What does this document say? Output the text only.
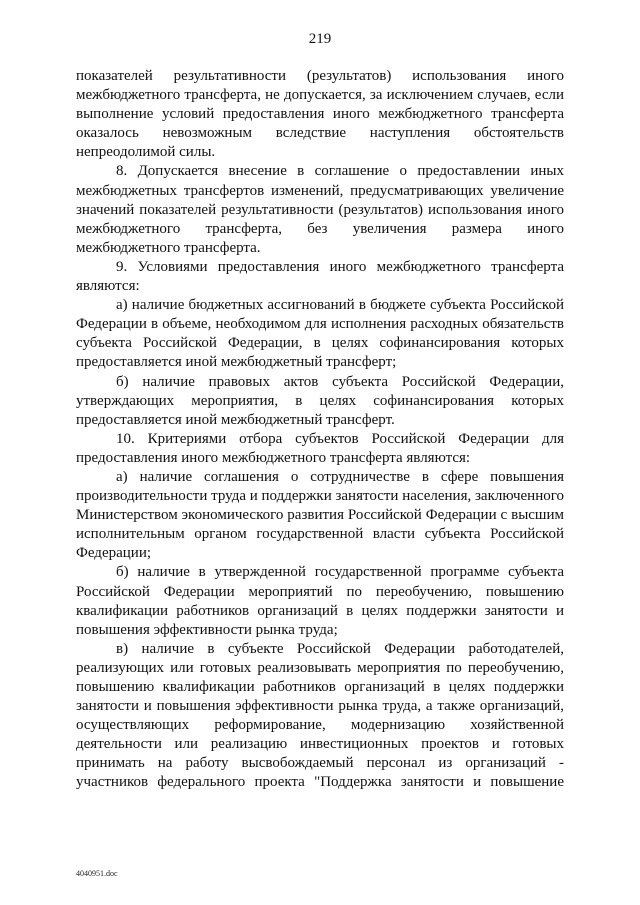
219

показателей результативности (результатов) использования иного межбюджетного трансферта, не допускается, за исключением случаев, если выполнение условий предоставления иного межбюджетного трансферта оказалось невозможным вследствие наступления обстоятельств непреодолимой силы.

8. Допускается внесение в соглашение о предоставлении иных межбюджетных трансфертов изменений, предусматривающих увеличение значений показателей результативности (результатов) использования иного межбюджетного трансферта, без увеличения размера иного межбюджетного трансферта.

9. Условиями предоставления иного межбюджетного трансферта являются:

а) наличие бюджетных ассигнований в бюджете субъекта Российской Федерации в объеме, необходимом для исполнения расходных обязательств субъекта Российской Федерации, в целях софинансирования которых предоставляется иной межбюджетный трансферт;

б) наличие правовых актов субъекта Российской Федерации, утверждающих мероприятия, в целях софинансирования которых предоставляется иной межбюджетный трансферт.

10. Критериями отбора субъектов Российской Федерации для предоставления иного межбюджетного трансферта являются:

а) наличие соглашения о сотрудничестве в сфере повышения производительности труда и поддержки занятости населения, заключенного Министерством экономического развития Российской Федерации с высшим исполнительным органом государственной власти субъекта Российской Федерации;

б) наличие в утвержденной государственной программе субъекта Российской Федерации мероприятий по переобучению, повышению квалификации работников организаций в целях поддержки занятости и повышения эффективности рынка труда;

в) наличие в субъекте Российской Федерации работодателей, реализующих или готовых реализовывать мероприятия по переобучению, повышению квалификации работников организаций в целях поддержки занятости и повышения эффективности рынка труда, а также организаций, осуществляющих реформирование, модернизацию хозяйственной деятельности или реализацию инвестиционных проектов и готовых принимать на работу высвобождаемый персонал из организаций - участников федерального проекта "Поддержка занятости и повышение

4040951.doc
